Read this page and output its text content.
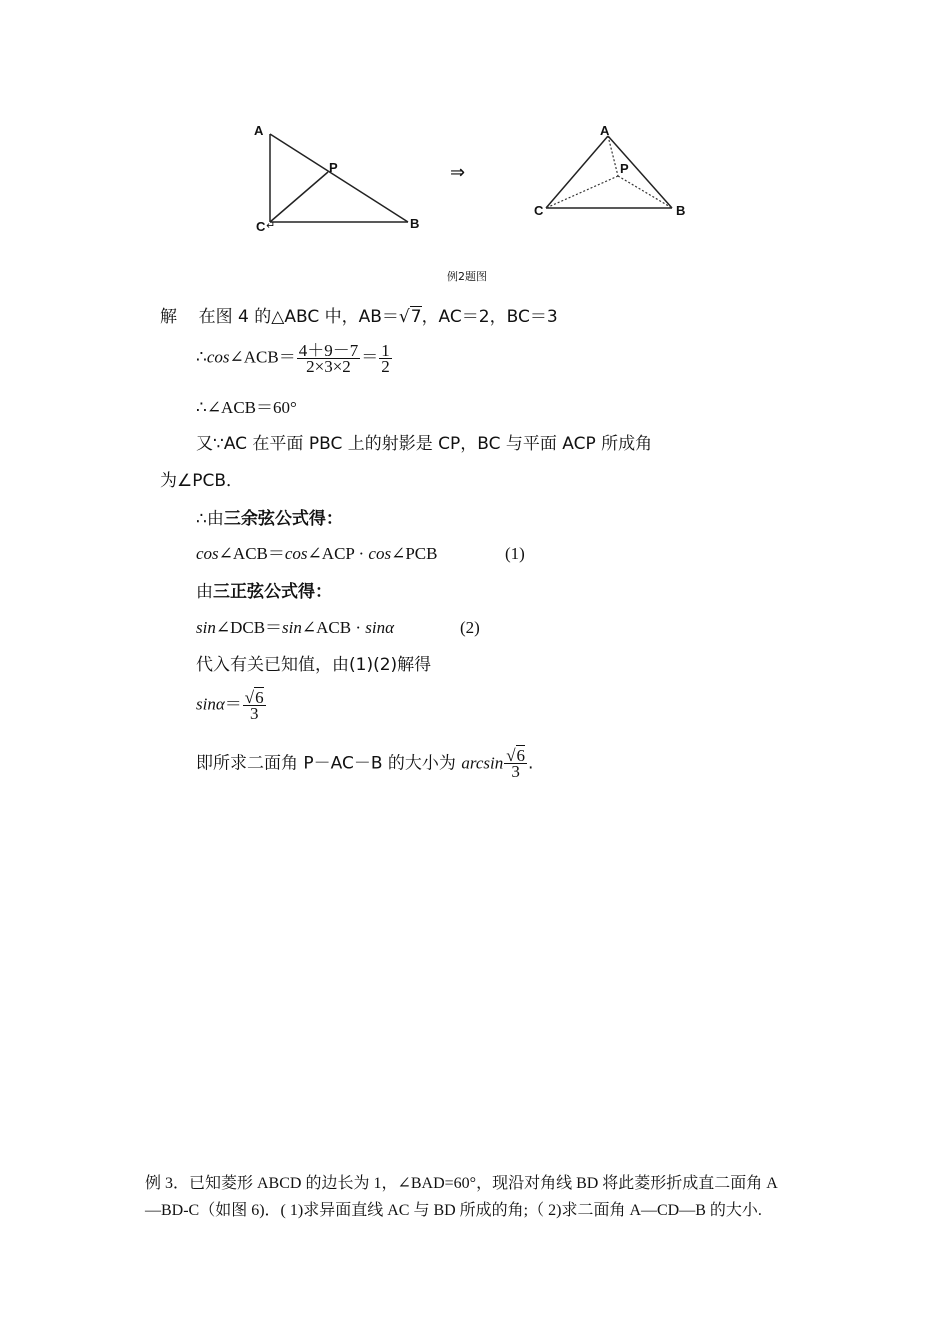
A
P
C ↵	B
⇒
A
P
C	B
例2题图
解 在图 4 的△ABC 中，AB＝√7，AC＝2，BC＝3
∴cos∠ACB＝ $\frac{4+9-7}{2\times 3\times 2} = \frac{1}{2}$
∴∠ACB＝60°
又∵AC 在平面 PBC 上的射影是 CP，BC 与平面 ACP 所成角
为∠PCB．
∴由三余弦公式得：
cos∠ACB＝cos∠ACP · cos∠PCB	(1)
由三正弦公式得：
sin∠DCB＝sin∠ACB · sinα	(2)
代入有关已知值，由(1)(2)解得
$\sin\alpha= \frac{√6}{3}$
即所求二面角 P－AC－B 的大小为 $\arcsin \frac{√6}{3}$ .
例 3．已知菱形 ABCD 的边长为 1，∠BAD=60°，现沿对角线 BD 将此菱形折成直二面角 A
—BD-C（如图 6)．( 1)求异面直线 AC 与 BD 所成的角;（ 2)求二面角 A—CD—B 的大小.
